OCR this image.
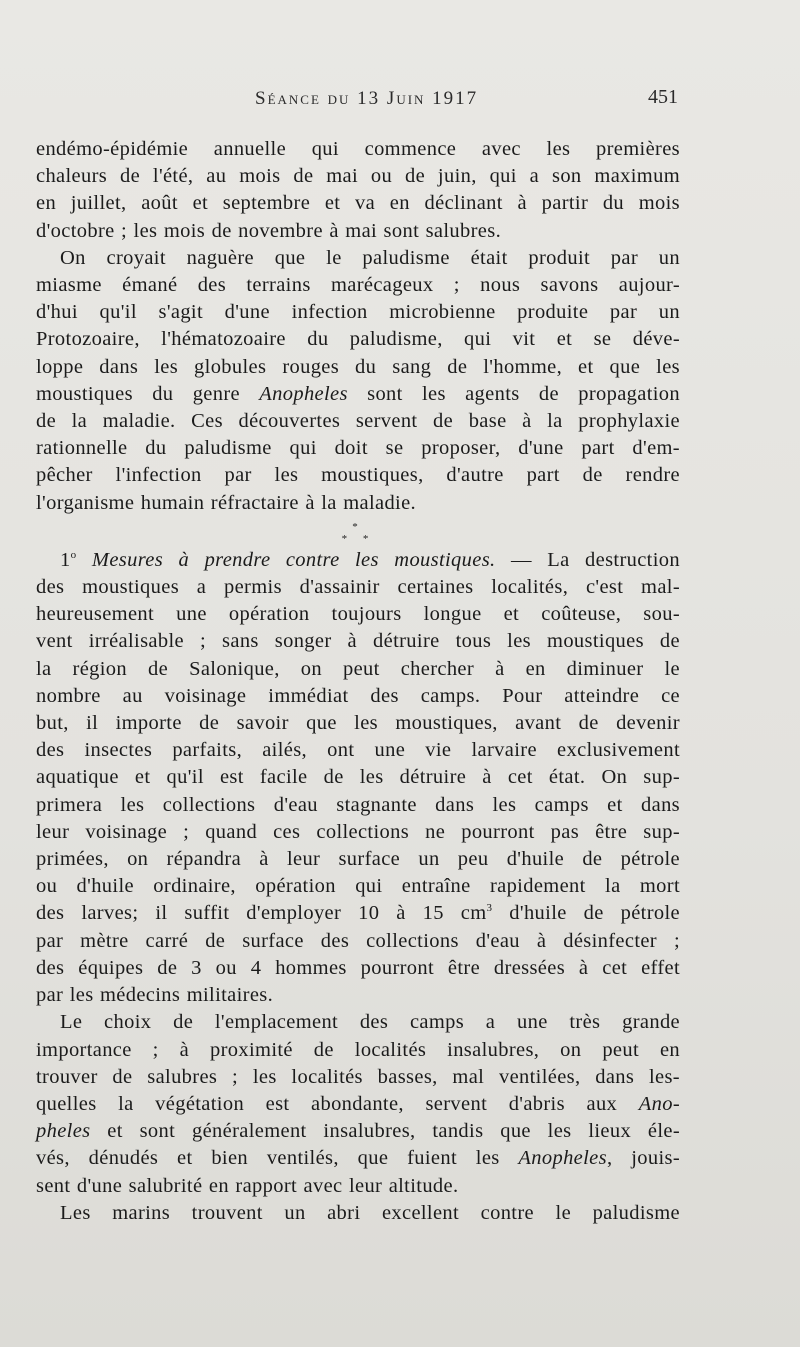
Séance du 13 Juin 1917	451

endémo-épidémie annuelle qui commence avec les premières
chaleurs de l'été, au mois de mai ou de juin, qui a son maximum
en juillet, août et septembre et va en déclinant à partir du mois
d'octobre ; les mois de novembre à mai sont salubres.

On croyait naguère que le paludisme était produit par un
miasme émané des terrains marécageux ; nous savons aujour-
d'hui qu'il s'agit d'une infection microbienne produite par un
Protozoaire, l'hématozoaire du paludisme, qui vit et se déve-
loppe dans les globules rouges du sang de l'homme, et que les
moustiques du genre Anopheles sont les agents de propagation
de la maladie. Ces découvertes servent de base à la prophylaxie
rationnelle du paludisme qui doit se proposer, d'une part d'em-
pêcher l'infection par les moustiques, d'autre part de rendre
l'organisme humain réfractaire à la maladie.

*
* *

1$^o$ Mesures à prendre contre les moustiques. — La destruction
des moustiques a permis d'assainir certaines localités, c'est mal-
heureusement une opération toujours longue et coûteuse, sou-
vent irréalisable ; sans songer à détruire tous les moustiques de
la région de Salonique, on peut chercher à en diminuer le
nombre au voisinage immédiat des camps. Pour atteindre ce
but, il importe de savoir que les moustiques, avant de devenir
des insectes parfaits, ailés, ont une vie larvaire exclusivement
aquatique et qu'il est facile de les détruire à cet état. On sup-
primera les collections d'eau stagnante dans les camps et dans
leur voisinage ; quand ces collections ne pourront pas être sup-
primées, on répandra à leur surface un peu d'huile de pétrole
ou d'huile ordinaire, opération qui entraîne rapidement la mort
des larves; il suffit d'employer 10 à 15 $cm^3$ d'huile de pétrole
par mètre carré de surface des collections d'eau à désinfecter ;
des équipes de 3 ou 4 hommes pourront être dressées à cet effet
par les médecins militaires.

Le choix de l'emplacement des camps a une très grande
importance ; à proximité de localités insalubres, on peut en
trouver de salubres ; les localités basses, mal ventilées, dans les-
quelles la végétation est abondante, servent d'abris aux Ano-
pheles et sont généralement insalubres, tandis que les lieux éle-
vés, dénudés et bien ventilés, que fuient les Anopheles, jouis-
sent d'une salubrité en rapport avec leur altitude.

Les marins trouvent un abri excellent contre le paludisme
